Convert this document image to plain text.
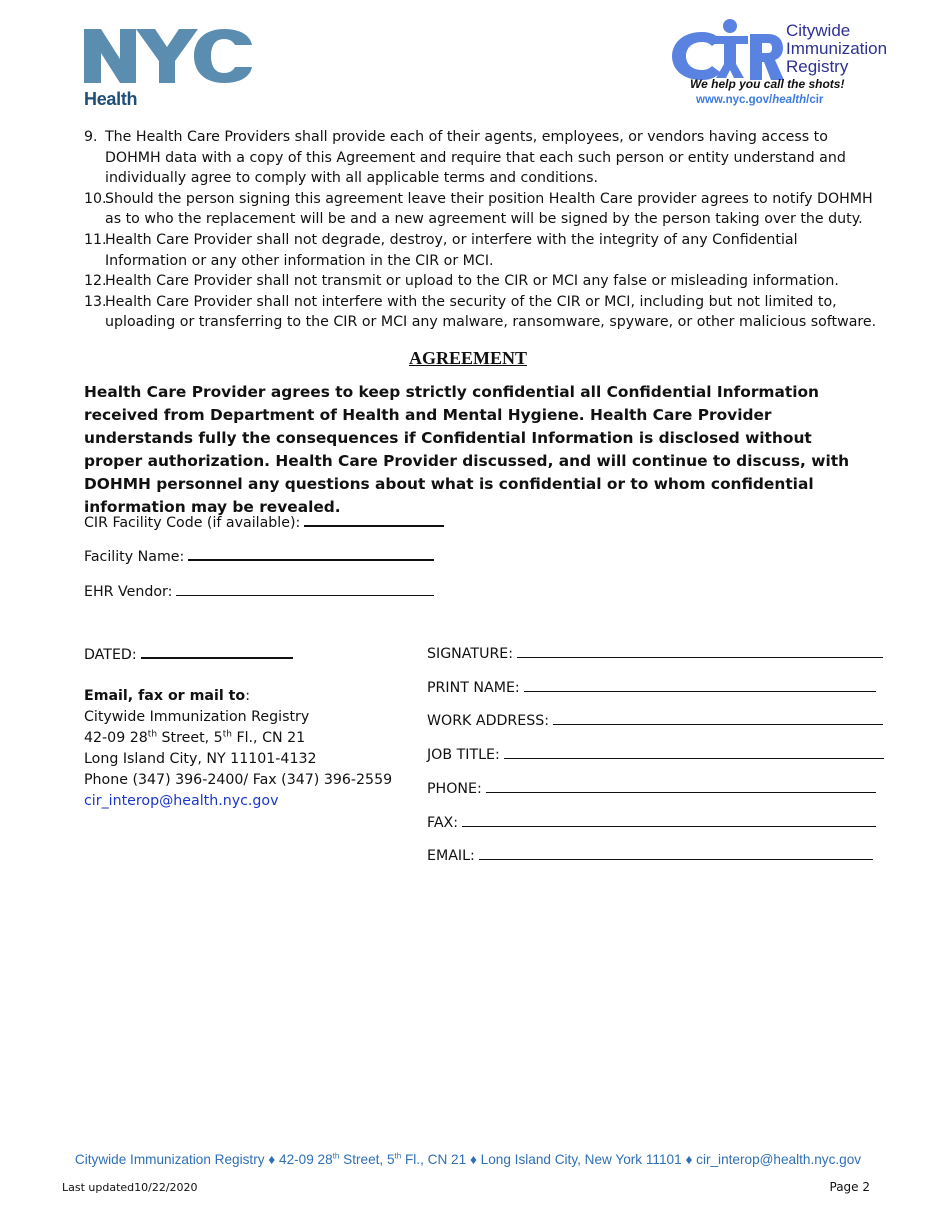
Health
Citywide
Immunization
Registry
We help you call the shots!
www.nyc.gov/health/cir
9. The Health Care Providers shall provide each of their agents, employees, or vendors having access to DOHMH data with a copy of this Agreement and require that each such person or entity understand and individually agree to comply with all applicable terms and conditions.
10.
Should the person signing this agreement leave their position Health Care provider agrees to notify DOHMH as to who the replacement will be and a new agreement will be signed by the person taking over the duty.
11.
Health Care Provider shall not degrade, destroy, or interfere with the integrity of any Confidential Information or any other information in the CIR or MCI.
12.
Health Care Provider shall not transmit or upload to the CIR or MCI any false or misleading information.
13.
Health Care Provider shall not interfere with the security of the CIR or MCI, including but not limited to, uploading or transferring to the CIR or MCI any malware, ransomware, spyware, or other malicious software.
AGREEMENT
Health Care Provider agrees to keep strictly confidential all Confidential Information received from Department of Health and Mental Hygiene. Health Care Provider understands fully the consequences if Confidential Information is disclosed without proper authorization. Health Care Provider discussed, and will continue to discuss, with DOHMH personnel any questions about what is confidential or to whom confidential information may be revealed.
CIR Facility Code (if available):
Facility Name:
EHR Vendor:
DATED:	SIGNATURE:
PRINT NAME:
WORK ADDRESS:
JOB TITLE:
PHONE:
FAX:
EMAIL:
Email, fax or mail to:
Citywide Immunization Registry
42-09 28th Street, 5th Fl., CN 21
Long Island City, NY 11101-4132
Phone (347) 396-2400/ Fax (347) 396-2559
cir_interop@health.nyc.gov
Citywide Immunization Registry ♦ 42-09 28th Street, 5th Fl., CN 21 ♦ Long Island City, New York 11101 ♦ cir_interop@health.nyc.gov
Last updated10/22/2020	Page 2
